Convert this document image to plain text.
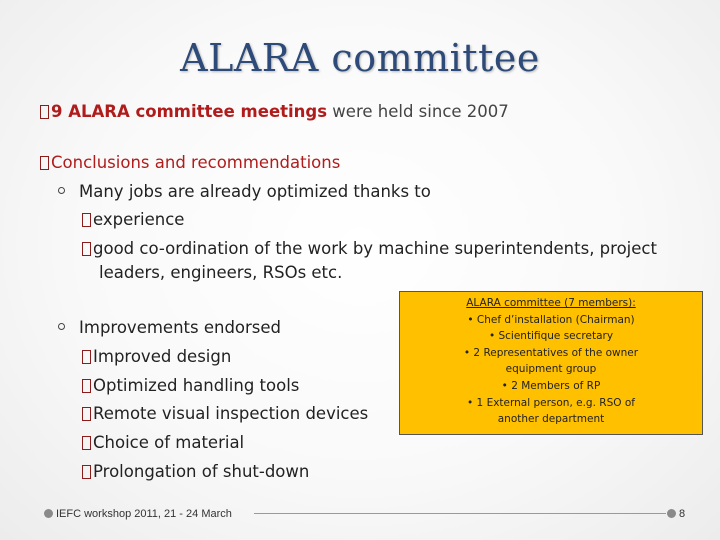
ALARA committee
9 ALARA committee meetings were held since 2007
Conclusions and recommendations
Many jobs are already optimized thanks to
experience
good co-ordination of the work by machine superintendents, project
leaders, engineers, RSOs etc.
Improvements endorsed
Improved design
Optimized handling tools
Remote visual inspection devices
Choice of material
Prolongation of shut-down
ALARA committee (7 members):
• Chef d’installation (Chairman)
• Scientifique secretary
• 2 Representatives of the owner
equipment group
• 2 Members of RP
• 1 External person, e.g. RSO of
another department
IEFC workshop 2011, 21 - 24 March	8
